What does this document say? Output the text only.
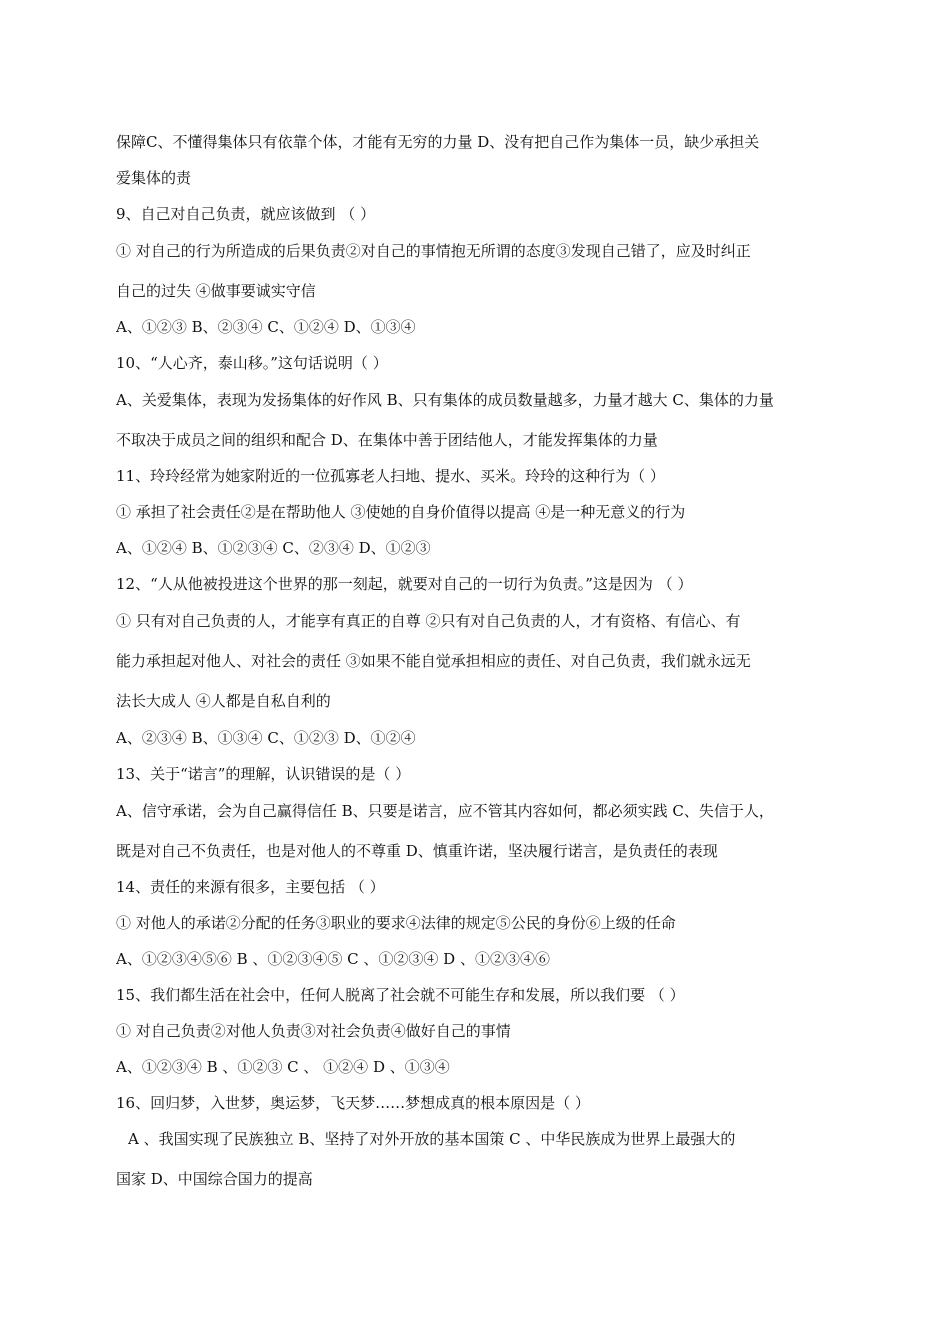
保障C、不懂得集体只有依靠个体，才能有无穷的力量 D、没有把自己作为集体一员，缺少承担关
爱集体的责
9、自己对自己负责，就应该做到 （ ）
① 对自己的行为所造成的后果负责②对自己的事情抱无所谓的态度③发现自己错了，应及时纠正
自己的过失 ④做事要诚实守信
A、①②③ B、②③④ C、①②④ D、①③④
10、“人心齐，泰山移。”这句话说明（ ）
A、关爱集体，表现为发扬集体的好作风 B、只有集体的成员数量越多，力量才越大 C、集体的力量
不取决于成员之间的组织和配合 D、在集体中善于团结他人，才能发挥集体的力量
11、玲玲经常为她家附近的一位孤寡老人扫地、提水、买米。玲玲的这种行为（ ）
① 承担了社会责任②是在帮助他人 ③使她的自身价值得以提高 ④是一种无意义的行为
A、①②④ B、①②③④ C、②③④ D、①②③
12、“人从他被投进这个世界的那一刻起，就要对自己的一切行为负责。”这是因为 （ ）
① 只有对自己负责的人，才能享有真正的自尊 ②只有对自己负责的人，才有资格、有信心、有
能力承担起对他人、对社会的责任 ③如果不能自觉承担相应的责任、对自己负责，我们就永远无
法长大成人 ④人都是自私自利的
A、②③④ B、①③④ C、①②③ D、①②④
13、关于“诺言”的理解，认识错误的是（ ）
A、信守承诺，会为自己赢得信任 B、只要是诺言，应不管其内容如何，都必须实践 C、失信于人，
既是对自己不负责任，也是对他人的不尊重 D、慎重许诺，坚决履行诺言，是负责任的表现
14、责任的来源有很多，主要包括 （ ）
① 对他人的承诺②分配的任务③职业的要求④法律的规定⑤公民的身份⑥上级的任命
A、①②③④⑤⑥ B 、①②③④⑤ C 、①②③④ D 、①②③④⑥
15、我们都生活在社会中，任何人脱离了社会就不可能生存和发展，所以我们要 （ ）
① 对自己负责②对他人负责③对社会负责④做好自己的事情
A、①②③④ B 、①②③ C 、 ①②④ D 、①③④
16、回归梦，入世梦，奥运梦，飞天梦……梦想成真的根本原因是（ ）
A 、我国实现了民族独立 B、坚持了对外开放的基本国策 C 、中华民族成为世界上最强大的
国家 D、中国综合国力的提高
